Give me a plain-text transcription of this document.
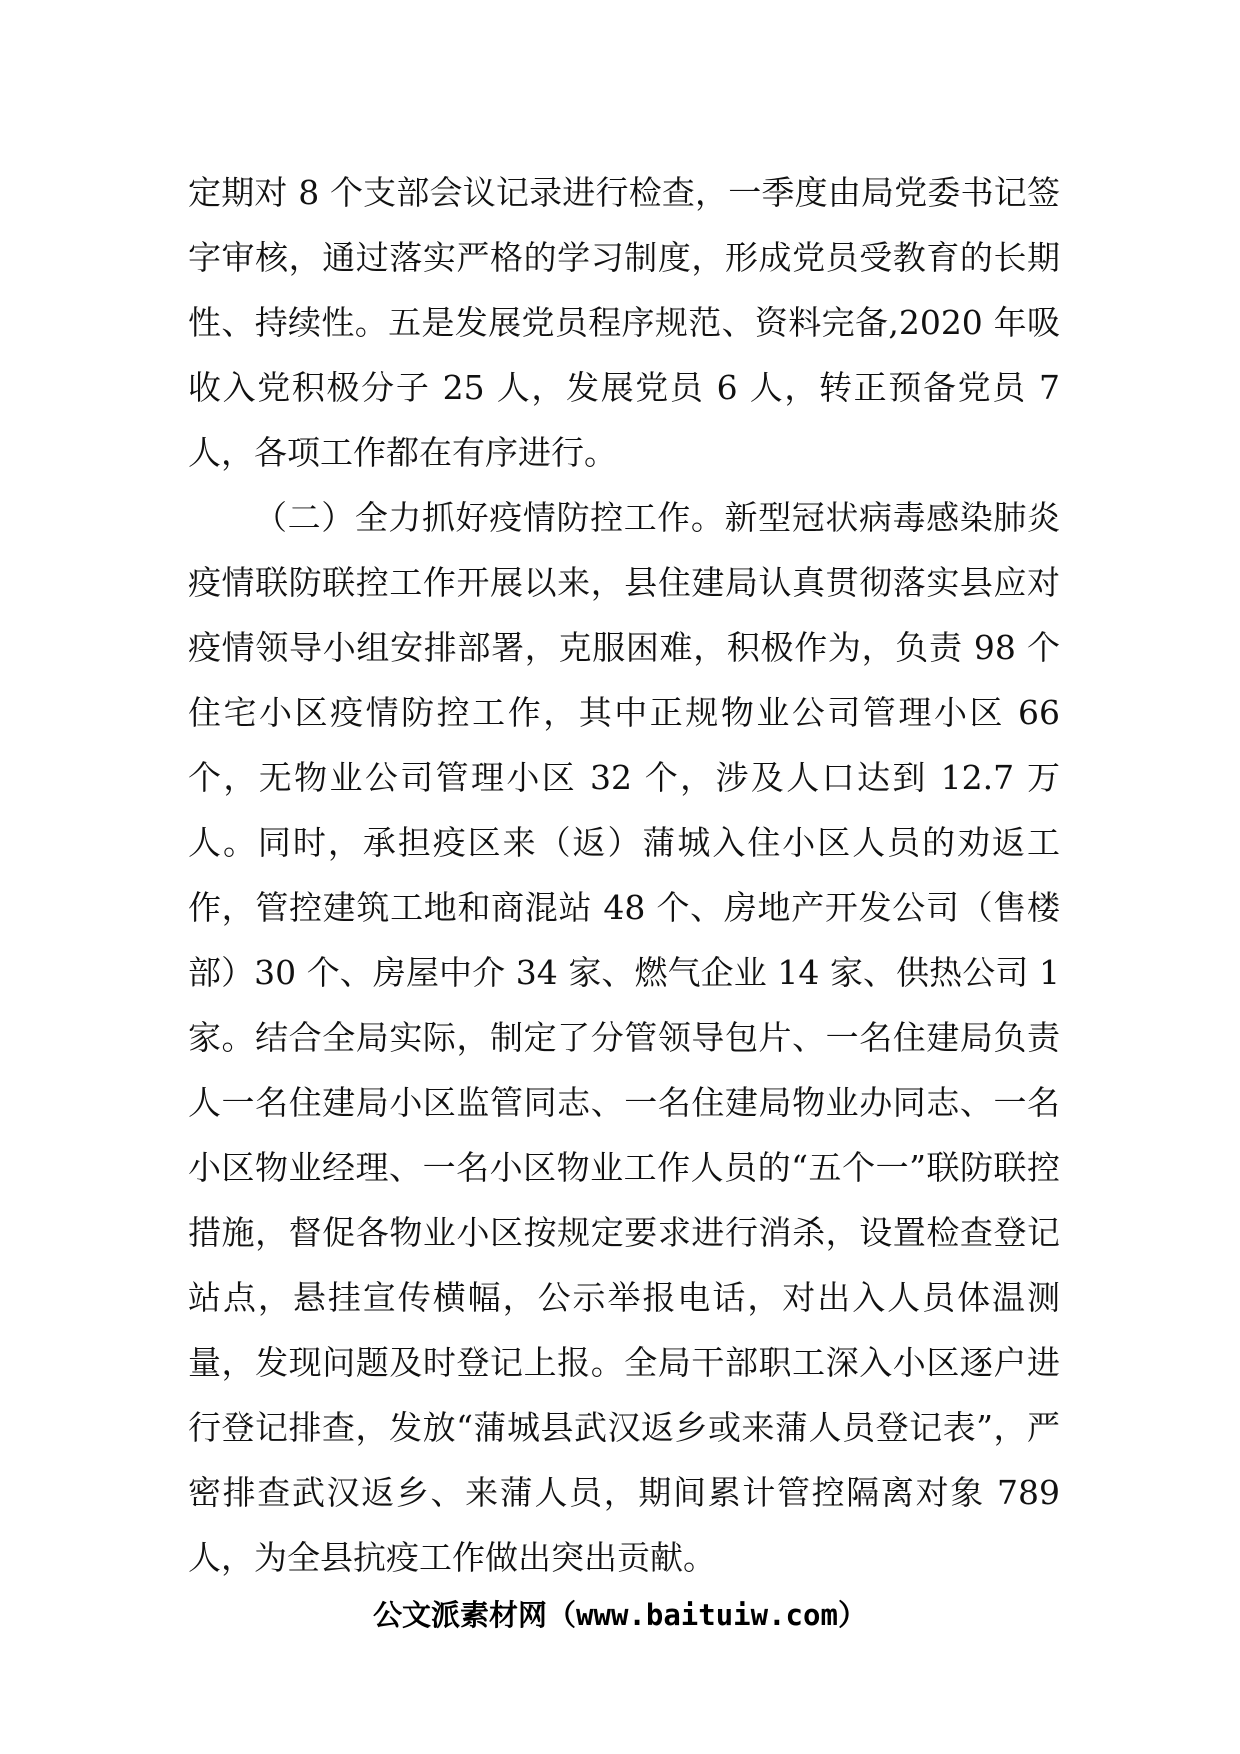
定期对 8 个支部会议记录进行检查，一季度由局党委书记签字审核，通过落实严格的学习制度，形成党员受教育的长期性、持续性。五是发展党员程序规范、资料完备,2020 年吸收入党积极分子 25 人，发展党员 6 人，转正预备党员 7 人，各项工作都在有序进行。

（二）全力抓好疫情防控工作。新型冠状病毒感染肺炎疫情联防联控工作开展以来，县住建局认真贯彻落实县应对疫情领导小组安排部署，克服困难，积极作为，负责 98 个住宅小区疫情防控工作，其中正规物业公司管理小区 66 个，无物业公司管理小区 32 个，涉及人口达到 12.7 万人。同时，承担疫区来（返）蒲城入住小区人员的劝返工作，管控建筑工地和商混站 48 个、房地产开发公司（售楼部）30 个、房屋中介 34 家、燃气企业 14 家、供热公司 1 家。结合全局实际，制定了分管领导包片、一名住建局负责人一名住建局小区监管同志、一名住建局物业办同志、一名小区物业经理、一名小区物业工作人员的“五个一”联防联控措施，督促各物业小区按规定要求进行消杀，设置检查登记站点，悬挂宣传横幅，公示举报电话，对出入人员体温测量，发现问题及时登记上报。全局干部职工深入小区逐户进行登记排查，发放“蒲城县武汉返乡或来蒲人员登记表”，严密排查武汉返乡、来蒲人员，期间累计管控隔离对象 789 人，为全县抗疫工作做出突出贡献。

公文派素材网（www.baituiw.com）
